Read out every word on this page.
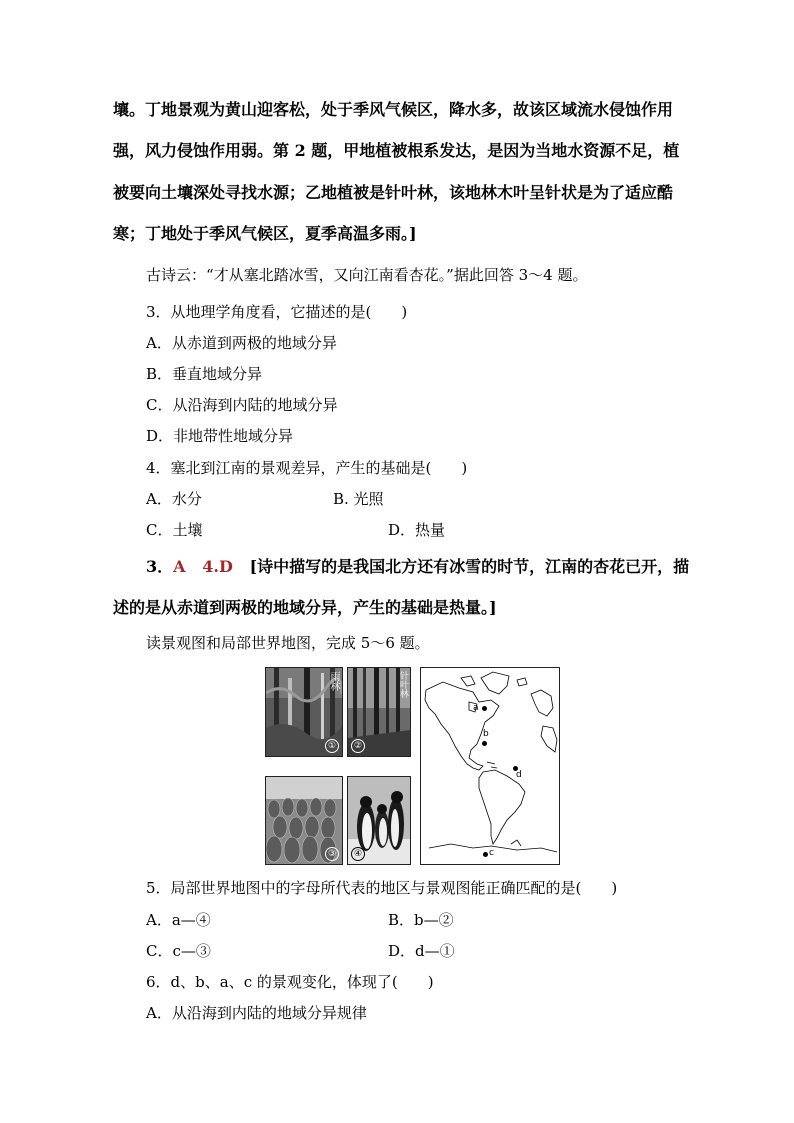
壤。丁地景观为黄山迎客松，处于季风气候区，降水多，故该区域流水侵蚀作用
强，风力侵蚀作用弱。第 2 题，甲地植被根系发达，是因为当地水资源不足，植
被要向土壤深处寻找水源；乙地植被是针叶林，该地林木叶呈针状是为了适应酷
寒；丁地处于季风气候区，夏季高温多雨。]
古诗云：“才从塞北踏冰雪，又向江南看杏花。”据此回答 3～4 题。
3．从地理学角度看，它描述的是(　　)
A．从赤道到两极的地域分异
B．垂直地域分异
C．从沿海到内陆的地域分异
D．非地带性地域分异
4．塞北到江南的景观差异，产生的基础是(　　)
A．水分	B. 光照
C．土壤	D．热量
3．A 4.D [诗中描写的是我国北方还有冰雪的时节，江南的杏花已开，描
述的是从赤道到两极的地域分异，产生的基础是热量。]
读景观图和局部世界地图，完成 5～6 题。
雨林
①
针叶林
②
③	④
a
b
d
c
5．局部世界地图中的字母所代表的地区与景观图能正确匹配的是(　　)
A．a—④	B．b—②
C．c—③	D．d—①
6．d、b、a、c 的景观变化，体现了(　　)
A．从沿海到内陆的地域分异规律
